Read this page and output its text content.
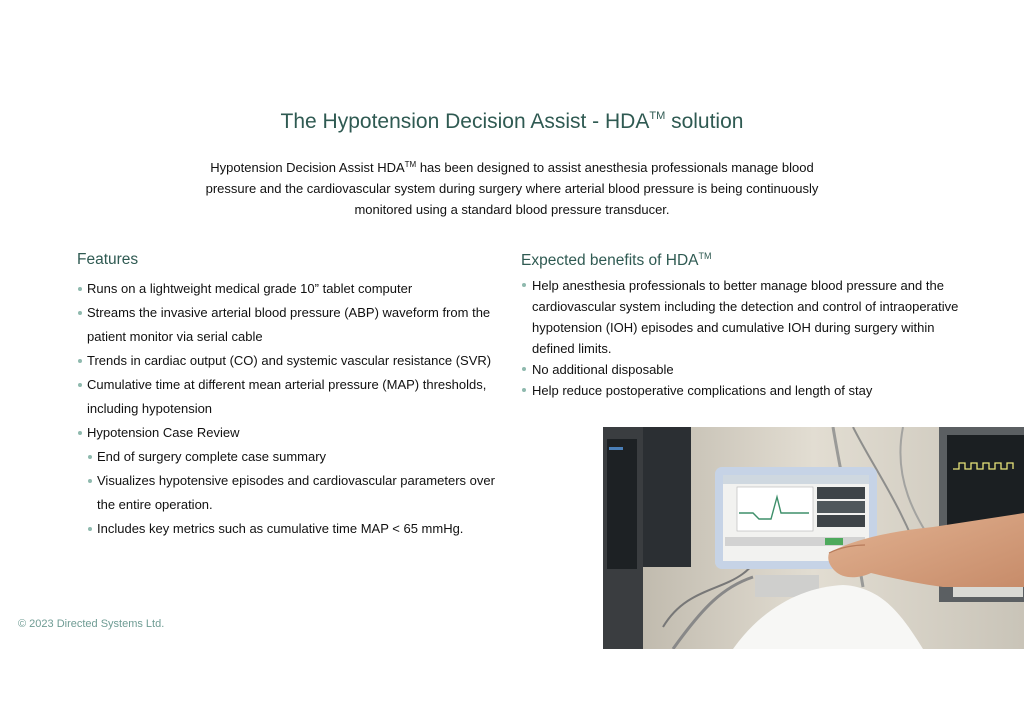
The Hypotension Decision Assist - HDA™ solution

Hypotension Decision Assist HDA™ has been designed to assist anesthesia professionals manage blood pressure and the cardiovascular system during surgery where arterial blood pressure is being continuously monitored using a standard blood pressure transducer.

Features
Runs on a lightweight medical grade 10” tablet computer
Streams the invasive arterial blood pressure (ABP) waveform from the patient monitor via serial cable
Trends in cardiac output (CO) and systemic vascular resistance (SVR)
Cumulative time at different mean arterial pressure (MAP) thresholds, including hypotension
Hypotension Case Review
End of surgery complete case summary
Visualizes hypotensive episodes and cardiovascular parameters over the entire operation.
Includes key metrics such as cumulative time MAP < 65 mmHg.
Expected benefits of HDA™
Help anesthesia professionals to better manage blood pressure and the cardiovascular system including the detection and control of intraoperative hypotension (IOH) episodes and cumulative IOH during surgery within defined limits.
No additional disposable
Help reduce postoperative complications and length of stay

© 2023 Directed Systems Ltd.
